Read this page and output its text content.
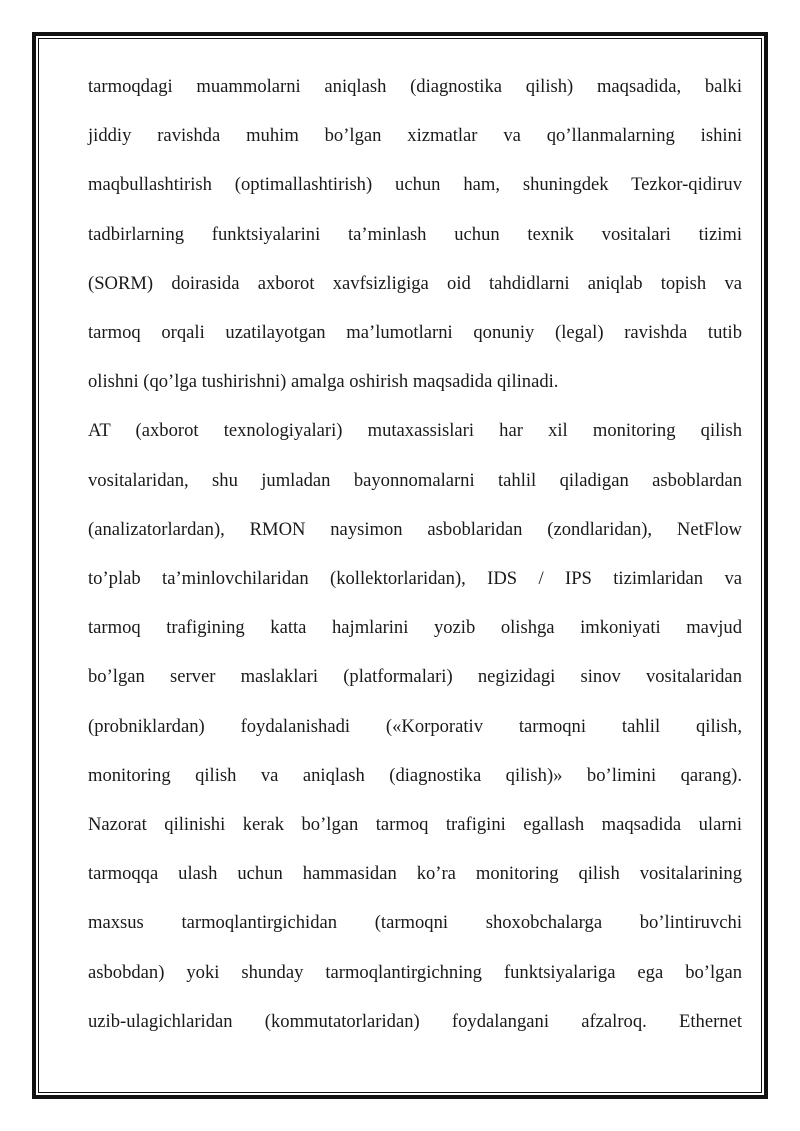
tarmoqdagi muammolarni aniqlash (diagnostika qilish) maqsadida, balki
jiddiy ravishda muhim bo’lgan xizmatlar va qo’llanmalarning ishini
maqbullashtirish (optimallashtirish) uchun ham, shuningdek Tezkor-qidiruv
tadbirlarning funktsiyalarini ta’minlash uchun texnik vositalari tizimi
(SORM) doirasida axborot xavfsizligiga oid tahdidlarni aniqlab topish va
tarmoq orqali uzatilayotgan ma’lumotlarni qonuniy (legal) ravishda tutib
olishni (qo’lga tushirishni) amalga oshirish maqsadida qilinadi.

AT (axborot texnologiyalari) mutaxassislari har xil monitoring qilish
vositalaridan, shu jumladan bayonnomalarni tahlil qiladigan asboblardan
(analizatorlardan), RMON naysimon asboblaridan (zondlaridan), NetFlow
to’plab ta’minlovchilaridan (kollektorlaridan), IDS / IPS tizimlaridan va
tarmoq trafigining katta hajmlarini yozib olishga imkoniyati mavjud
bo’lgan server maslaklari (platformalari) negizidagi sinov vositalaridan
(probniklardan) foydalanishadi («Korporativ tarmoqni tahlil qilish,
monitoring qilish va aniqlash (diagnostika qilish)» bo’limini qarang).
Nazorat qilinishi kerak bo’lgan tarmoq trafigini egallash maqsadida ularni
tarmoqqa ulash uchun hammasidan ko’ra monitoring qilish vositalarining
maxsus tarmoqlantirgichidan (tarmoqni shoxobchalarga bo’lintiruvchi
asbobdan) yoki shunday tarmoqlantirgichning funktsiyalariga ega bo’lgan
uzib-ulagichlaridan (kommutatorlaridan) foydalangani afzalroq. Ethernet
